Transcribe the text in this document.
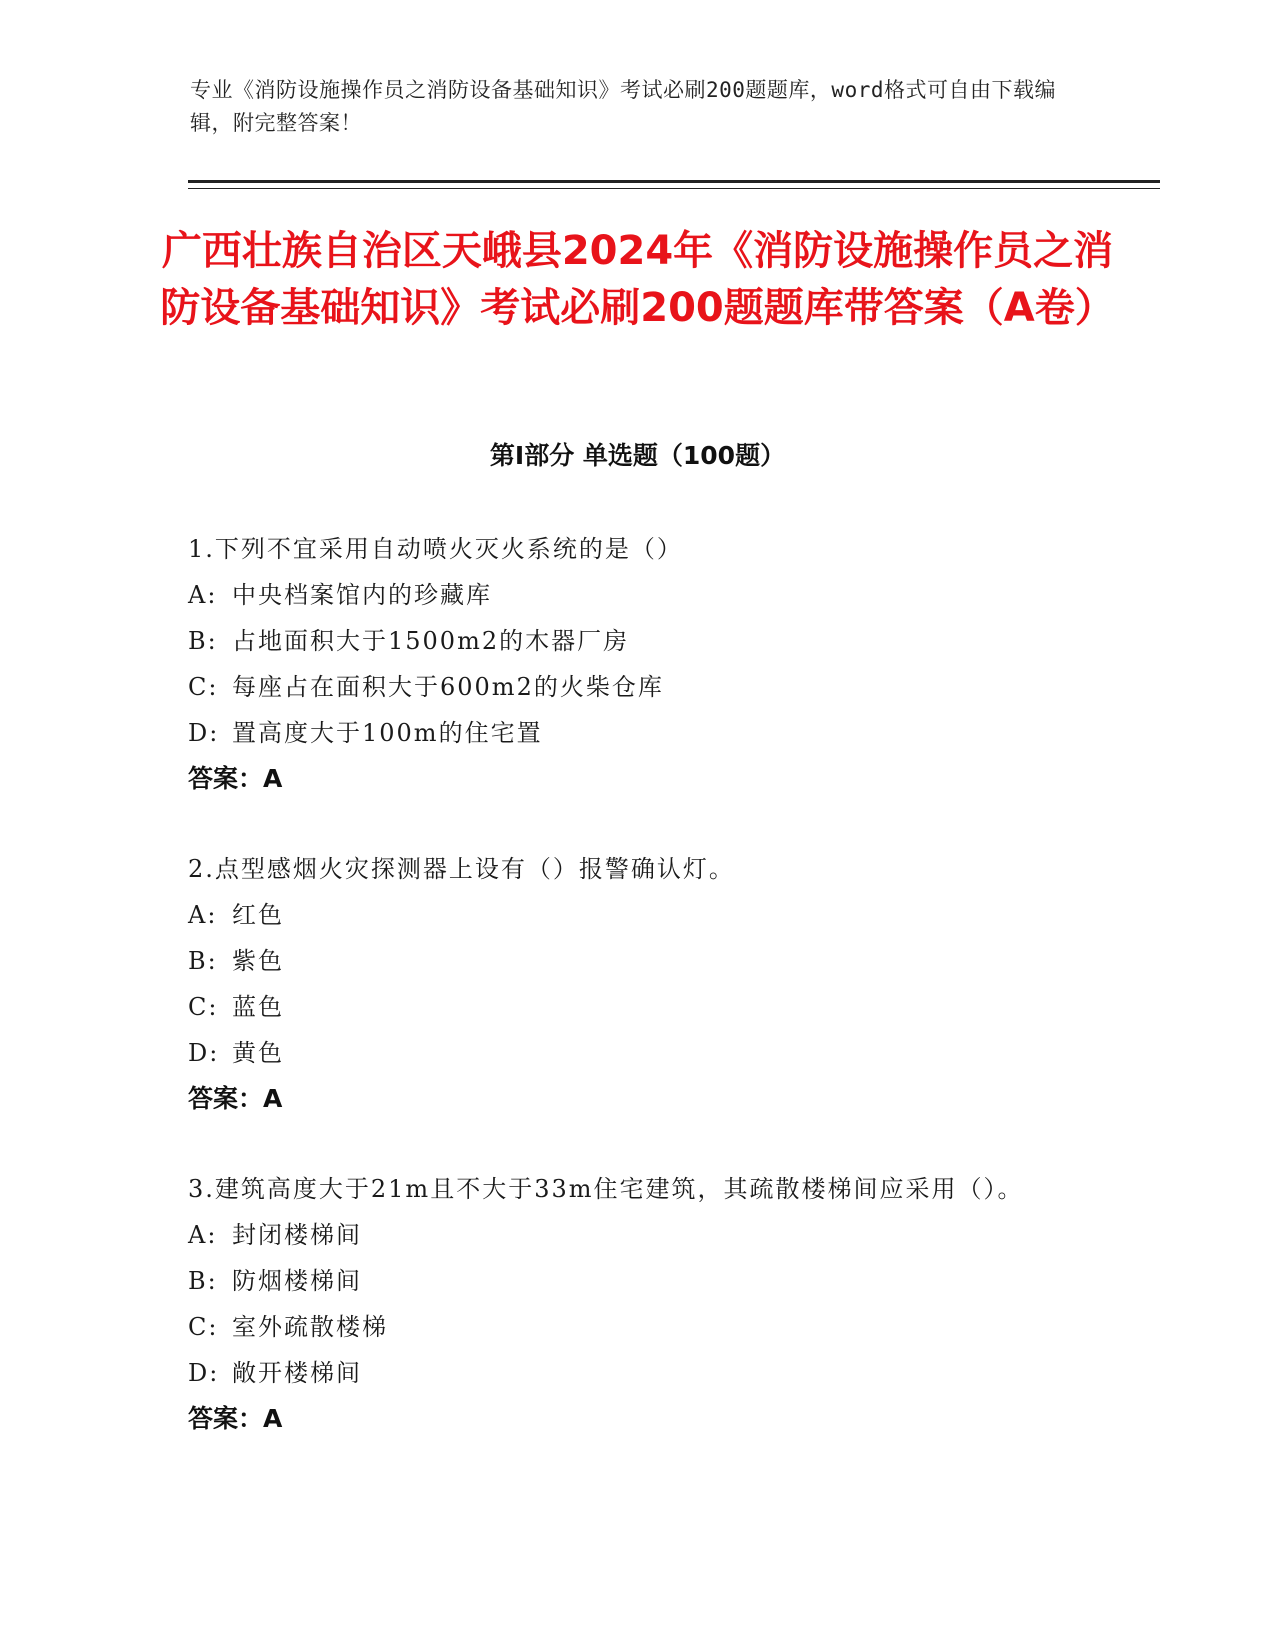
专业《消防设施操作员之消防设备基础知识》考试必刷200题题库，word格式可自由下载编辑，附完整答案！
广西壮族自治区天峨县2024年《消防设施操作员之消防设备基础知识》考试必刷200题题库带答案（A卷）
第I部分 单选题（100题）
1.下列不宜采用自动喷火灭火系统的是（）
A: 中央档案馆内的珍藏库
B: 占地面积大于1500m2的木器厂房
C: 每座占在面积大于600m2的火柴仓库
D: 置高度大于100m的住宅置
答案：A
2.点型感烟火灾探测器上设有（）报警确认灯。
A: 红色
B: 紫色
C: 蓝色
D: 黄色
答案：A
3.建筑高度大于21m且不大于33m住宅建筑，其疏散楼梯间应采用（）。
A: 封闭楼梯间
B: 防烟楼梯间
C: 室外疏散楼梯
D: 敞开楼梯间
答案：A
